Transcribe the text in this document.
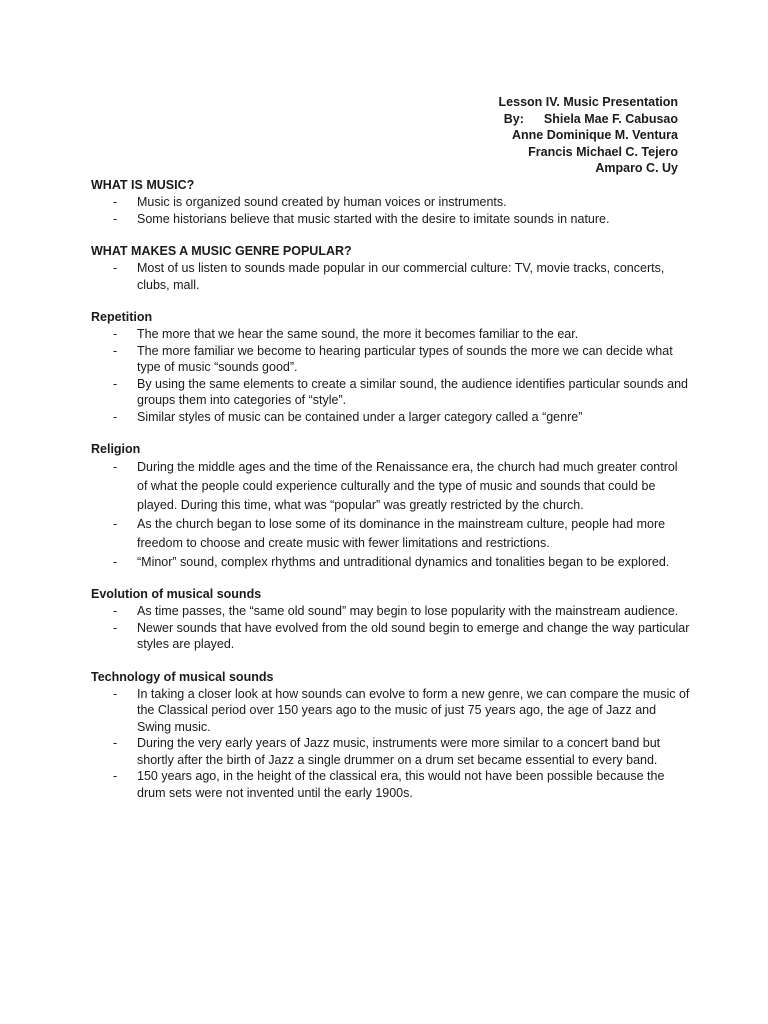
Lesson IV. Music Presentation
By: Shiela Mae F. Cabusao
Anne Dominique M. Ventura
Francis Michael C. Tejero
Amparo C. Uy
WHAT IS MUSIC?
- Music is organized sound created by human voices or instruments.
- Some historians believe that music started with the desire to imitate sounds in nature.
WHAT MAKES A MUSIC GENRE POPULAR?
- Most of us listen to sounds made popular in our commercial culture: TV, movie tracks, concerts, clubs, mall.
Repetition
- The more that we hear the same sound, the more it becomes familiar to the ear.
- The more familiar we become to hearing particular types of sounds the more we can decide what type of music “sounds good”.
- By using the same elements to create a similar sound, the audience identifies particular sounds and groups them into categories of “style”.
- Similar styles of music can be contained under a larger category called a “genre”
Religion
- During the middle ages and the time of the Renaissance era, the church had much greater control of what the people could experience culturally and the type of music and sounds that could be played. During this time, what was “popular” was greatly restricted by the church.
- As the church began to lose some of its dominance in the mainstream culture, people had more freedom to choose and create music with fewer limitations and restrictions.
- “Minor” sound, complex rhythms and untraditional dynamics and tonalities began to be explored.
Evolution of musical sounds
- As time passes, the “same old sound” may begin to lose popularity with the mainstream audience.
- Newer sounds that have evolved from the old sound begin to emerge and change the way particular styles are played.
Technology of musical sounds
- In taking a closer look at how sounds can evolve to form a new genre, we can compare the music of the Classical period over 150 years ago to the music of just 75 years ago, the age of Jazz and Swing music.
- During the very early years of Jazz music, instruments were more similar to a concert band but shortly after the birth of Jazz a single drummer on a drum set became essential to every band.
- 150 years ago, in the height of the classical era, this would not have been possible because the drum sets were not invented until the early 1900s.
